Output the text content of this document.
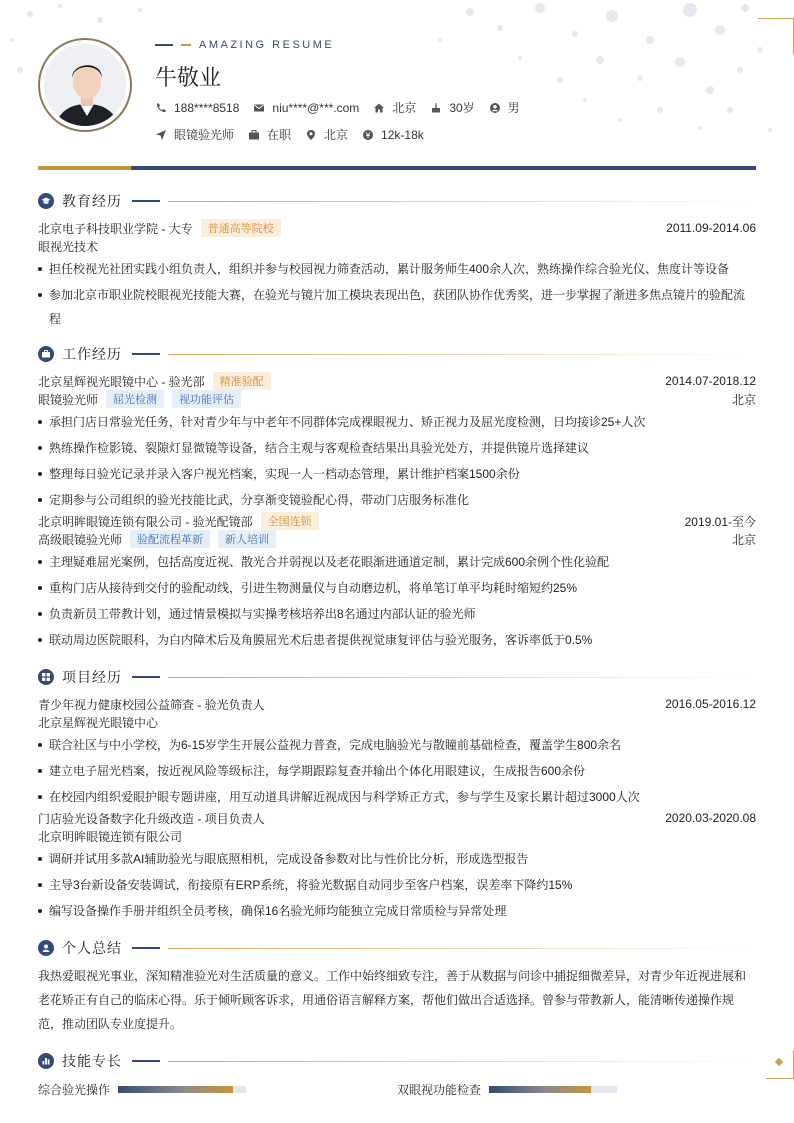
AMAZING RESUME
牛敬业
188****8518	niu****@***.com	北京	30岁	男
眼镜验光师	在职	北京	12k-18k
教育经历
北京电子科技职业学院 - 大专	普通高等院校	2011.09-2014.06
眼视光技术
担任校视光社团实践小组负责人，组织并参与校园视力筛查活动，累计服务师生400余人次，熟练操作综合验光仪、焦度计等设备
参加北京市职业院校眼视光技能大赛，在验光与镜片加工模块表现出色，获团队协作优秀奖，进一步掌握了渐进多焦点镜片的验配流程
工作经历
北京星辉视光眼镜中心 - 验光部	精准验配	2014.07-2018.12
眼镜验光师	屈光检测	视功能评估	北京
承担门店日常验光任务，针对青少年与中老年不同群体完成裸眼视力、矫正视力及屈光度检测，日均接诊25+人次
熟练操作检影镜、裂隙灯显微镜等设备，结合主观与客观检查结果出具验光处方，并提供镜片选择建议
整理每日验光记录并录入客户视光档案，实现一人一档动态管理，累计维护档案1500余份
定期参与公司组织的验光技能比武，分享渐变镜验配心得，带动门店服务标准化
北京明眸眼镜连锁有限公司 - 验光配镜部	全国连锁	2019.01-至今
高级眼镜验光师	验配流程革新	新人培训	北京
主理疑难屈光案例，包括高度近视、散光合并弱视以及老花眼渐进通道定制，累计完成600余例个性化验配
重构门店从接待到交付的验配动线，引进生物测量仪与自动磨边机，将单笔订单平均耗时缩短约25%
负责新员工带教计划，通过情景模拟与实操考核培养出8名通过内部认证的验光师
联动周边医院眼科，为白内障术后及角膜屈光术后患者提供视觉康复评估与验光服务，客诉率低于0.5%
项目经历
青少年视力健康校园公益筛查 - 验光负责人	2016.05-2016.12
北京星辉视光眼镜中心
联合社区与中小学校，为6-15岁学生开展公益视力普查，完成电脑验光与散瞳前基础检查，覆盖学生800余名
建立电子屈光档案，按近视风险等级标注，每学期跟踪复查并输出个体化用眼建议，生成报告600余份
在校园内组织爱眼护眼专题讲座，用互动道具讲解近视成因与科学矫正方式，参与学生及家长累计超过3000人次
门店验光设备数字化升级改造 - 项目负责人	2020.03-2020.08
北京明眸眼镜连锁有限公司
调研并试用多款AI辅助验光与眼底照相机，完成设备参数对比与性价比分析，形成选型报告
主导3台新设备安装调试，衔接原有ERP系统，将验光数据自动同步至客户档案，误差率下降约15%
编写设备操作手册并组织全员考核，确保16名验光师均能独立完成日常质检与异常处理
个人总结
我热爱眼视光事业，深知精准验光对生活质量的意义。工作中始终细致专注，善于从数据与问诊中捕捉细微差异，对青少年近视进展和老花矫正有自己的临床心得。乐于倾听顾客诉求，用通俗语言解释方案，帮他们做出合适选择。曾参与带教新人，能清晰传递操作规范，推动团队专业度提升。
技能专长
综合验光操作	双眼视功能检查
